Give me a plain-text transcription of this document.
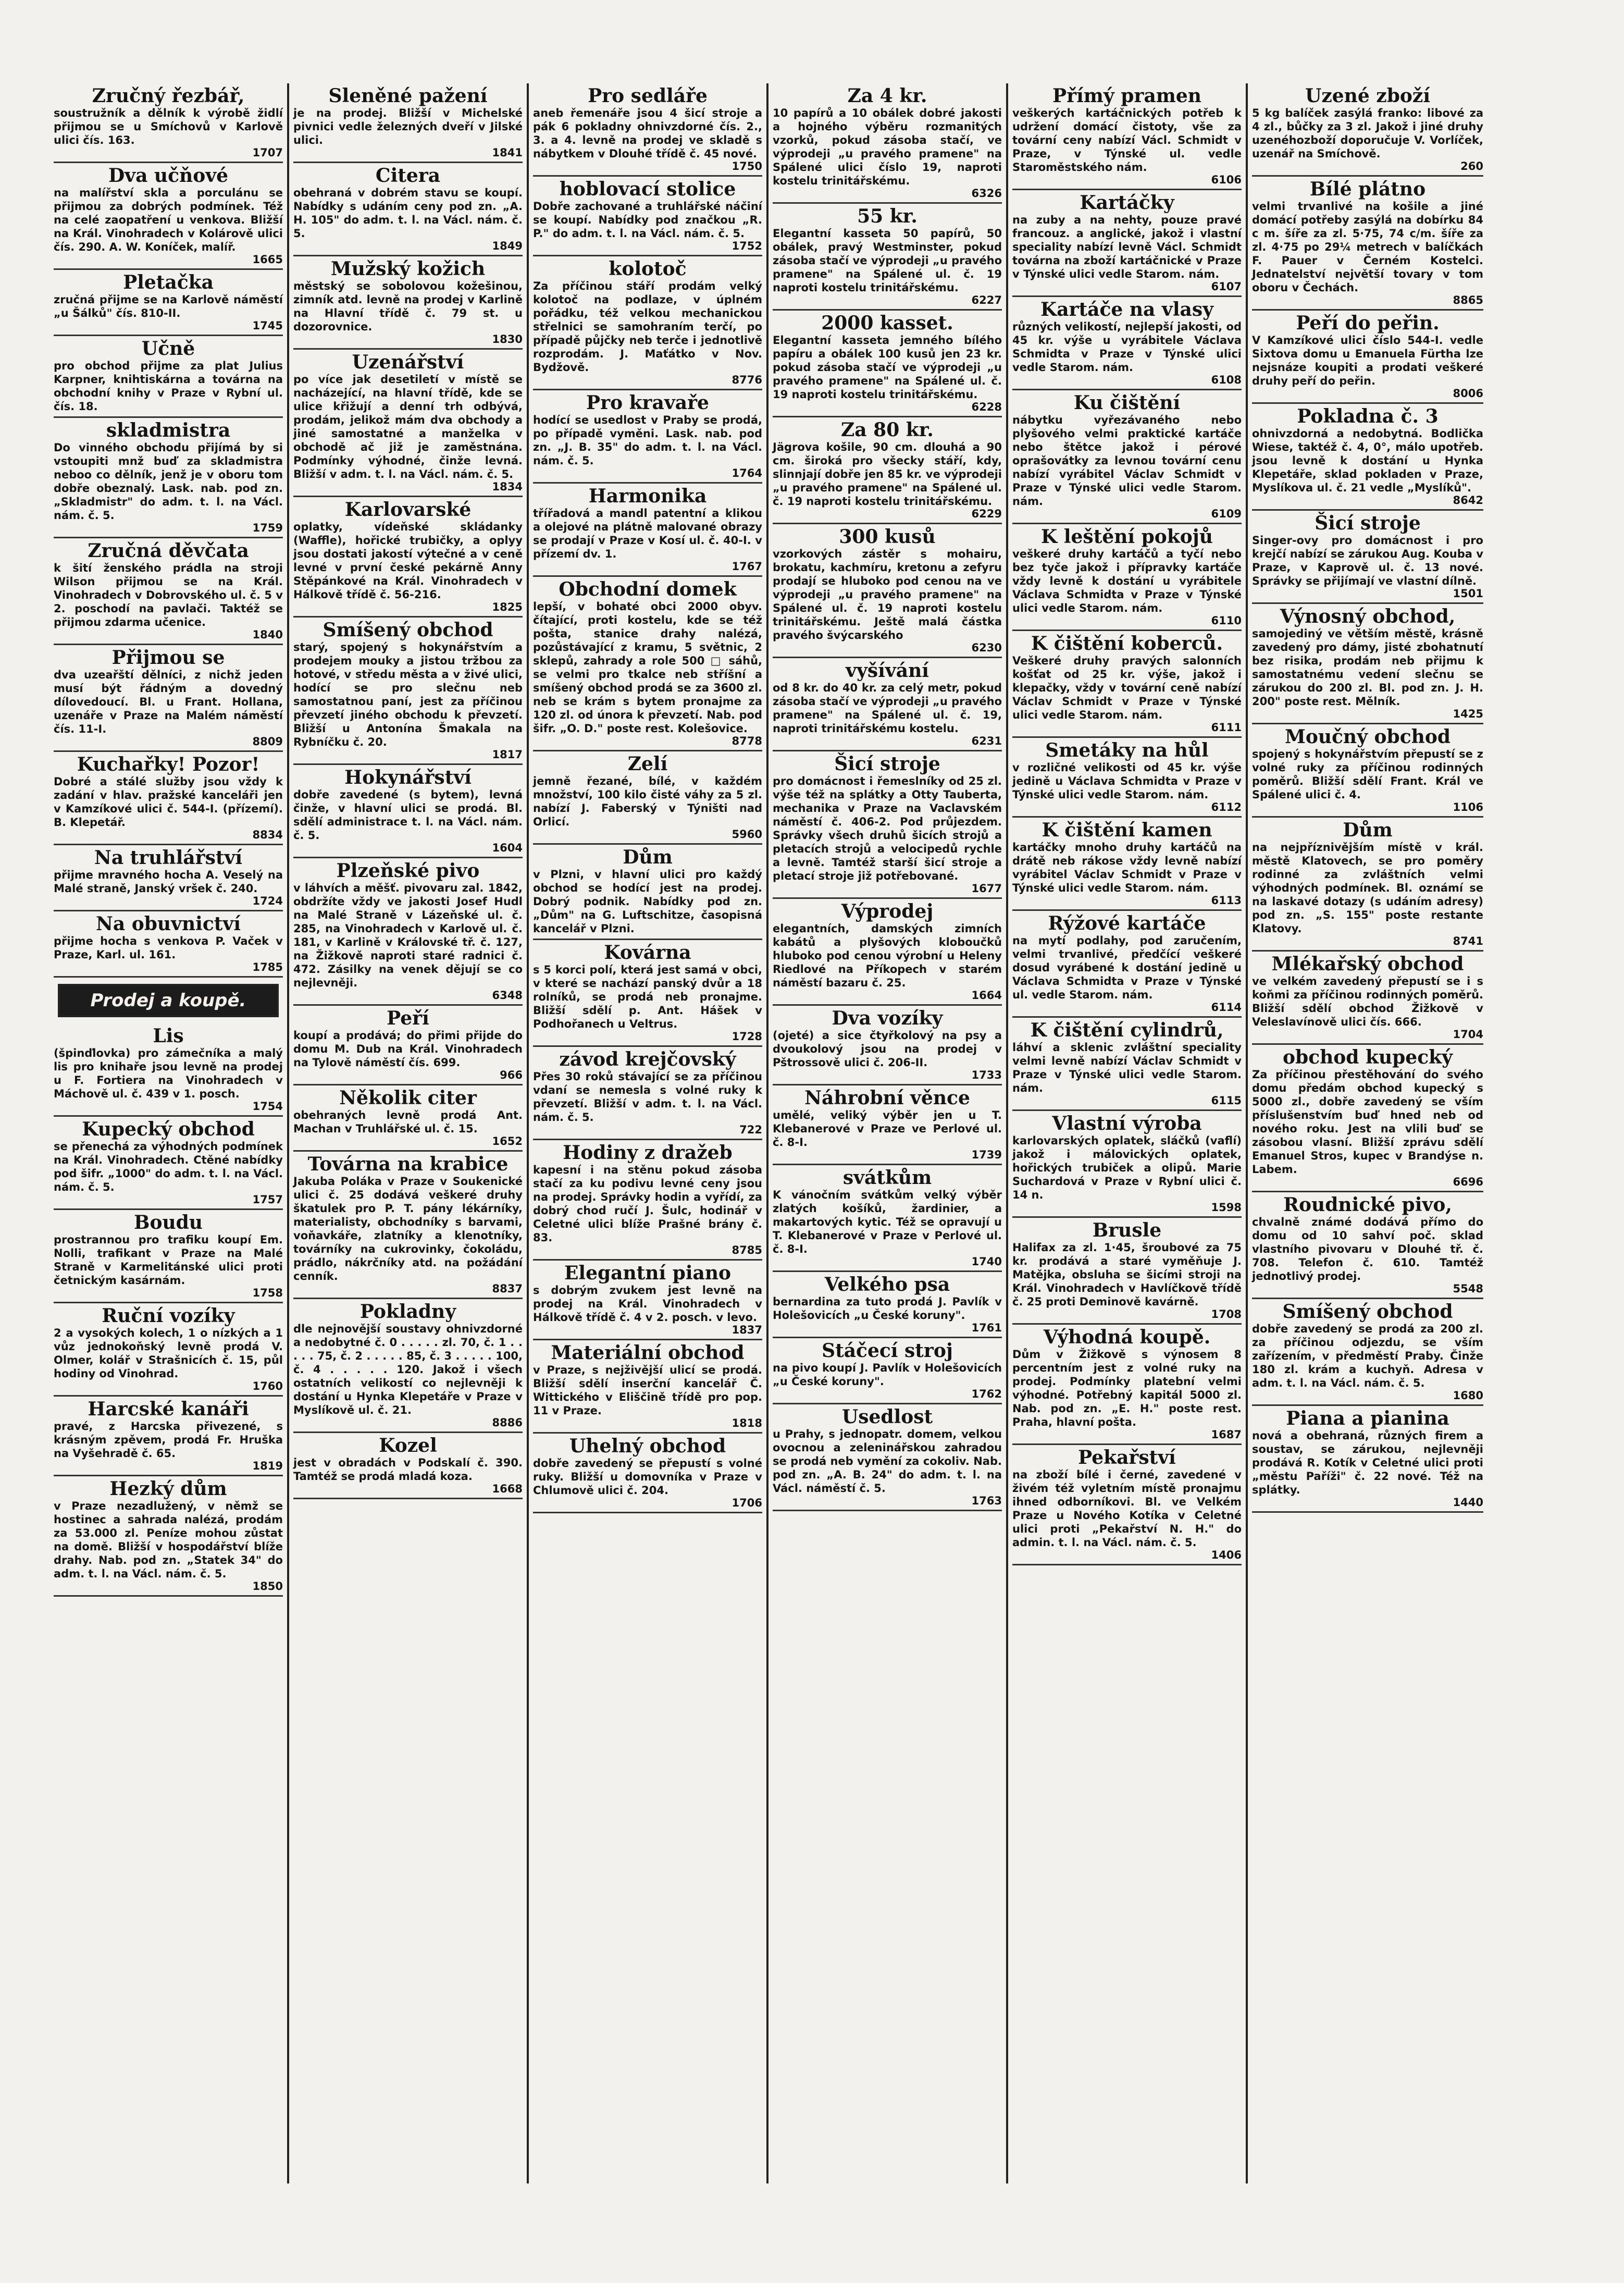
Zručný řezbář,

soustružník a dělník k výrobě židlí přijmou se u Smíchovů v Karlově ulici čís. 163.

1707
Dva učňové

na malířství skla a porculánu se přijmou za dobrých podmínek. Též na celé zaopatření u venkova. Bližší na Král. Vinohradech v Kolárově ulici čís. 290. A. W. Koníček, malíř.

1665
Pletačka

zručná přijme se na Karlově náměstí „u Šálků" čís. 810-II.

1745
Učně

pro obchod přijme za plat Julius Karpner, knihtiskárna a továrna na obchodní knihy v Praze v Rybní ul. čís. 18.

skladmistra

Do vinného obchodu přijímá by si vstoupiti mnž buď za skladmistra neboo co dělník, jenž je v oboru tom dobře obeznalý. Lask. nab. pod zn. „Skladmistr" do adm. t. l. na Václ. nám. č. 5.

1759
Zručná děvčata

k šití ženského prádla na stroji Wilson přijmou se na Král. Vinohradech v Dobrovského ul. č. 5 v 2. poschodí na pavlači. Taktéž se přijmou zdarma učenice.

1840
Přijmou se

dva uzeařští dělníci, z nichž jeden musí být řádným a dovedný dílovedoucí. Bl. u Frant. Hollana, uzenáře v Praze na Malém náměstí čís. 11-I.

8809
Kuchařky! Pozor!

Dobré a stálé služby jsou vždy k zadání v hlav. pražské kanceláři jen v Kamzíkové ulici č. 544-I. (přízemí). B. Klepetář.

8834
Na truhlářství

přijme mravného hocha A. Veselý na Malé straně, Janský vršek č. 240.

1724
Na obuvnictví

přijme hocha s venkova P. Vaček v Praze, Karl. ul. 161.

1785
Prodej a koupě.
Lis

(špinďlovka) pro zámečníka a malý lis pro knihaře jsou levně na prodej u F. Fortiera na Vinohradech v Máchově ul. č. 439 v 1. posch.

1754
Kupecký obchod

se přenechá za výhodných podmínek na Král. Vinohradech. Ctěné nabídky pod šifr. „1000" do adm. t. l. na Václ. nám. č. 5.

1757
Boudu

prostrannou pro trafiku koupí Em. Nolli, trafikant v Praze na Malé Straně v Karmelitánské ulici proti četnickým kasárnám.

1758
Ruční vozíky

2 a vysokých kolech, 1 o nízkých a 1 vůz jednokoňský levně prodá V. Olmer, kolář v Strašnicích č. 15, půl hodiny od Vinohrad.

1760
Harcské kanáři

pravé, z Harcska přivezené, s krásným zpěvem, prodá Fr. Hruška na Vyšehradě č. 65.

1819
Hezký dům

v Praze nezadlužený, v němž se hostinec a sahrada nalézá, prodám za 53.000 zl. Peníze mohou zůstat na domě. Bližší v hospodářství blíže drahy. Nab. pod zn. „Statek 34" do adm. t. l. na Václ. nám. č. 5.

1850
Sleněné pažení

je na prodej. Bližší v Michelské pivnici vedle železných dveří v Jilské ulici.

1841
Citera

obehraná v dobrém stavu se koupí. Nabídky s udáním ceny pod zn. „A. H. 105" do adm. t. l. na Václ. nám. č. 5.

1849
Mužský kožich

městský se sobolovou kožešinou, zimník atd. levně na prodej v Karlině na Hlavní třídě č. 79 st. u dozorovnice.

1830
Uzenářství

po více jak desetiletí v místě se nacházející, na hlavní třídě, kde se ulice křižují a denní trh odbývá, prodám, jelikož mám dva obchody a jiné samostatné a manželka v obchodě ač již je zaměstnána. Podmínky výhodné, činže levná. Bližší v adm. t. l. na Václ. nám. č. 5.

1834
Karlovarské

oplatky, vídeňské skládanky (Waffle), hořické trubičky, a oplyy jsou dostati jakostí výtečné a v ceně levné v první české pekárně Anny Stěpánkové na Král. Vinohradech v Hálkově třídě č. 56-216.

1825
Smíšený obchod

starý, spojený s hokynářstvím a prodejem mouky a jistou tržbou za hotové, v středu města a v živé ulici, hodící se pro slečnu neb samostatnou paní, jest za příčinou převzetí jiného obchodu k převzetí. Bližší u Antonína Šmakala na Rybníčku č. 20.

1817
Hokynářství

dobře zavedené (s bytem), levná činže, v hlavní ulici se prodá. Bl. sdělí administrace t. l. na Václ. nám. č. 5.

1604
Plzeňské pivo

v láhvích a měšť. pivovaru zal. 1842, obdržíte vždy ve jakosti Josef Hudl na Malé Straně v Lázeňské ul. č. 285, na Vinohradech v Karlově ul. č. 181, v Karlině v Královské tř. č. 127, na Žižkově naproti staré radnici č. 472. Zásilky na venek dějují se co nejlevněji.

6348
Peří

koupí a prodává; do přimi přijde do domu M. Dub na Král. Vinohradech na Tylově náměstí čís. 699.

966
Několik citer

obehraných levně prodá Ant. Machan v Truhlářské ul. č. 15.

1652
Továrna na krabice

Jakuba Poláka v Praze v Soukenické ulici č. 25 dodává veškeré druhy škatulek pro P. T. pány lékárníky, materialisty, obchodníky s barvami, voňavkáře, zlatníky a klenotníky, továrníky na cukrovinky, čokoládu, prádlo, nákrčníky atd. na požádání cenník.

8837
Pokladny

dle nejnovější soustavy ohnivzdorné a nedobytné č. 0 . . . . . zl. 70, č. 1 . . . . . 75, č. 2 . . . . . 85, č. 3 . . . . . 100, č. 4 . . . . . 120. Jakož i všech ostatních velikostí co nejlevněji k dostání u Hynka Klepetáře v Praze v Myslíkově ul. č. 21.

8886
Kozel

jest v obradách v Podskalí č. 390. Tamtéž se prodá mladá koza.

1668
Pro sedláře

aneb řemenáře jsou 4 šicí stroje a pák 6 pokladny ohnivzdorné čís. 2., 3. a 4. levně na prodej ve skladě s nábytkem v Dlouhé třídě č. 45 nové.

1750
hoblovací stolice

Dobře zachované a truhlářské náčiní se koupí. Nabídky pod značkou „R. P." do adm. t. l. na Václ. nám. č. 5.

1752
kolotoč

Za příčinou stáří prodám velký kolotoč na podlaze, v úplném pořádku, též velkou mechanickou střelnici se samohraním terčí, po případě půjčky neb terče i jednotlivě rozprodám. J. Maťátko v Nov. Bydžově.

8776
Pro kravaře

hodící se usedlost v Praby se prodá, po případě vyměni. Lask. nab. pod zn. „J. B. 35" do adm. t. l. na Václ. nám. č. 5.

1764
Harmonika

třířadová a mandl patentní a klikou a olejové na plátně malované obrazy se prodají v Praze v Kosí ul. č. 40-I. v přízemí dv. 1.

1767
Obchodní domek

lepší, v bohaté obci 2000 obyv. čítající, proti kostelu, kde se též pošta, stanice drahy nalézá, pozůstávající z kramu, 5 světnic, 2 sklepů, zahrady a role 500 □ sáhů, se velmi pro tkalce neb stříšní a smíšený obchod prodá se za 3600 zl. neb se krám s bytem pronajme za 120 zl. od února k převzetí. Nab. pod šifr. „O. D." poste rest. Kolešovice.

8778
Zelí

jemně řezané, bílé, v každém množství, 100 kilo čisté váhy za 5 zl. nabízí J. Faberský v Týništi nad Orlicí.

5960
Dům

v Plzni, v hlavní ulici pro každý obchod se hodící jest na prodej. Dobrý podnik. Nabídky pod zn. „Dům" na G. Luftschitze, časopisná kancelář v Plzni.

Kovárna

s 5 korci polí, která jest samá v obci, v které se nachází panský dvůr a 18 rolníků, se prodá neb pronajme. Bližší sdělí p. Ant. Hášek v Podhořanech u Veltrus.

1728
závod krejčovský

Přes 30 roků stávající se za příčinou vdaní se nemesla s volné ruky k převzetí. Bližší v adm. t. l. na Václ. nám. č. 5.

722
Hodiny z dražeb

kapesní i na stěnu pokud zásoba stačí za ku podivu levné ceny jsou na prodej. Správky hodin a vyřídí, za dobrý chod ručí J. Šulc, hodinář v Celetné ulici blíže Prašné brány č. 83.

8785
Elegantní piano

s dobrým zvukem jest levně na prodej na Král. Vinohradech v Hálkově třídě č. 4 v 2. posch. v levo.

1837
Materiální obchod

v Praze, s nejživější ulicí se prodá. Bližší sdělí inserční kancelář Č. Wittického v Eliščině třídě pro pop. 11 v Praze.

1818
Uhelný obchod

dobře zavedený se přepustí s volné ruky. Bližší u domovníka v Praze v Chlumově ulici č. 204.

1706
Za 4 kr.

10 papírů a 10 obálek dobré jakosti a hojného výběru rozmanitých vzorků, pokud zásoba stačí, ve výprodeji „u pravého pramene" na Spálené ulici číslo 19, naproti kostelu trinitářskému.

6326
55 kr.

Elegantní kasseta 50 papírů, 50 obálek, pravý Westminster, pokud zásoba stačí ve výprodeji „u pravého pramene" na Spálené ul. č. 19 naproti kostelu trinitářskému.

6227
2000 kasset.

Elegantní kasseta jemného bílého papíru a obálek 100 kusů jen 23 kr. pokud zásoba stačí ve výprodeji „u pravého pramene" na Spálené ul. č. 19 naproti kostelu trinitářskému.

6228
Za 80 kr.

Jägrova košile, 90 cm. dlouhá a 90 cm. široká pro všecky stáří, kdy, slinnjají dobře jen 85 kr. ve výprodeji „u pravého pramene" na Spálené ul. č. 19 naproti kostelu trinitářskému.

6229
300 kusů

vzorkových zástěr s mohairu, brokatu, kachmíru, kretonu a zefyru prodají se hluboko pod cenou na ve výprodeji „u pravého pramene" na Spálené ul. č. 19 naproti kostelu trinitářskému. Ještě malá částka pravého švýcarského

6230
vyšívání

od 8 kr. do 40 kr. za celý metr, pokud zásoba stačí ve výprodeji „u pravého pramene" na Spálené ul. č. 19, naproti trinitářskému kostelu.

6231
Šicí stroje

pro domácnost i řemeslníky od 25 zl. výše též na splátky a Otty Tauberta, mechanika v Praze na Vaclavském náměstí č. 406-2. Pod průjezdem. Správky všech druhů šicích strojů a pletacích strojů a velocipedů rychle a levně. Tamtéž starší šicí stroje a pletací stroje již potřebované.

1677
Výprodej

elegantních, damských zimních kabátů a plyšových kloboučků hluboko pod cenou výrobní u Heleny Riedlové na Příkopech v starém náměstí bazaru č. 25.

1664
Dva vozíky

(ojeté) a sice čtyřkolový na psy a dvoukolový jsou na prodej v Pštrossově ulici č. 206-II.

1733
Náhrobní věnce

umělé, veliký výběr jen u T. Klebanerové v Praze ve Perlové ul. č. 8-I.

1739
svátkům

K vánočním svátkům velký výběr zlatých košíků, žardinier, a makartových kytic. Též se opravují u T. Klebanerové v Praze v Perlové ul. č. 8-I.

1740
Velkého psa

bernardina za tuto prodá J. Pavlík v Holešovicích „u České koruny".

1761
Stáčecí stroj

na pivo koupí J. Pavlík v Holešovicích „u České koruny".

1762
Usedlost

u Prahy, s jednopatr. domem, velkou ovocnou a zeleninářskou zahradou se prodá neb vymění za cokoliv. Nab. pod zn. „A. B. 24" do adm. t. l. na Václ. náměstí č. 5.

1763
Přímý pramen

veškerých kartáčnických potřeb k udržení domácí čistoty, vše za tovární ceny nabízí Václ. Schmidt v Praze, v Týnské ul. vedle Staroměstského nám.

6106
Kartáčky

na zuby a na nehty, pouze pravé francouz. a anglické, jakož i vlastní speciality nabízí levně Václ. Schmidt továrna na zboží kartáčnické v Praze v Týnské ulici vedle Starom. nám.

6107
Kartáče na vlasy

různých velikostí, nejlepší jakosti, od 45 kr. výše u vyrábitele Václava Schmidta v Praze v Týnské ulici vedle Starom. nám.

6108
Ku čištění

nábytku vyřezávaného nebo plyšového velmi praktické kartáče nebo štětce jakož i pérové oprašovátky za levnou tovární cenu nabízí vyrábitel Václav Schmidt v Praze v Týnské ulici vedle Starom. nám.

6109
K leštění pokojů

veškeré druhy kartáčů a tyčí nebo bez tyče jakož i přípravky kartáče vždy levně k dostání u vyrábitele Václava Schmidta v Praze v Týnské ulici vedle Starom. nám.

6110
K čištění koberců.

Veškeré druhy pravých salonních košťat od 25 kr. výše, jakož i klepačky, vždy v tovární ceně nabízí Václav Schmidt v Praze v Týnské ulici vedle Starom. nám.

6111
Smetáky na hůl

v rozličné velikosti od 45 kr. výše jedině u Václava Schmidta v Praze v Týnské ulici vedle Starom. nám.

6112
K čištění kamen

kartáčky mnoho druhy kartáčů na drátě neb rákose vždy levně nabízí vyrábitel Václav Schmidt v Praze v Týnské ulici vedle Starom. nám.

6113
Rýžové kartáče

na mytí podlahy, pod zaručením, velmi trvanlivé, předčící veškeré dosud vyrábené k dostání jedině u Václava Schmidta v Praze v Týnské ul. vedle Starom. nám.

6114
K čištění cylindrů,

láhví a sklenic zvláštní speciality velmi levně nabízí Václav Schmidt v Praze v Týnské ulici vedle Starom. nám.

6115
Vlastní výroba

karlovarských oplatek, sláčků (vaflí) jakož i málovických oplatek, hořických trubiček a olipů. Marie Suchardová v Praze v Rybní ulici č. 14 n.

1598
Brusle

Halifax za zl. 1·45, šroubové za 75 kr. prodává a staré vyměňuje J. Matějka, obsluha se šicími stroji na Král. Vinohradech v Havlíčkově třídě č. 25 proti Deminově kavárně.

1708
Výhodná koupě.

Dům v Žižkově s výnosem 8 percentním jest z volné ruky na prodej. Podmínky platební velmi výhodné. Potřebný kapitál 5000 zl. Nab. pod zn. „E. H." poste rest. Praha, hlavní pošta.

1687
Pekařství

na zboží bílé i černé, zavedené v živém též vyletním místě pronajmu ihned odborníkovi. Bl. ve Velkém Praze u Nového Kotíka v Celetné ulici proti „Pekařství N. H." do admin. t. l. na Václ. nám. č. 5.

1406
Uzené zboží

5 kg balíček zasýlá franko: libové za 4 zl., bůčky za 3 zl. Jakož i jiné druhy uzenéhozboží doporučuje V. Vorlíček, uzenář na Smíchově.

260
Bílé plátno

velmi trvanlivé na košile a jiné domácí potřeby zasýlá na dobírku 84 c m. šíře za zl. 5·75, 74 c/m. šíře za zl. 4·75 po 29¼ metrech v balíčkách F. Pauer v Černém Kostelci. Jednatelství největší tovary v tom oboru v Čechách.

8865
Peří do peřin.

V Kamzíkové ulici číslo 544-I. vedle Sixtova domu u Emanuela Fürtha lze nejsnáze koupiti a prodati veškeré druhy peří do peřin.

8006
Pokladna č. 3

ohnivzdorná a nedobytná. Bodlička Wiese, taktéž č. 4, 0°, málo upotřeb. jsou levně k dostání u Hynka Klepetáře, sklad pokladen v Praze, Myslíkova ul. č. 21 vedle „Myslíků".

8642
Šicí stroje

Singer-ovy pro domácnost i pro krejčí nabízí se zárukou Aug. Kouba v Praze, v Kaprově ul. č. 13 nové. Správky se přijímají ve vlastní dílně.

1501
Výnosný obchod,

samojediný ve větším městě, krásně zavedený pro dámy, jisté zbohatnutí bez risika, prodám neb přijmu k samostatnému vedení slečnu se zárukou do 200 zl. Bl. pod zn. J. H. 200" poste rest. Mělník.

1425
Moučný obchod

spojený s hokynářstvím přepustí se z volné ruky za příčinou rodinných poměrů. Bližší sdělí Frant. Král ve Spálené ulici č. 4.

1106
Dům

na nejpříznivějším místě v král. městě Klatovech, se pro poměry rodinné za zvláštních velmi výhodných podmínek. Bl. oznámí se na laskavé dotazy (s udáním adresy) pod zn. „S. 155" poste restante Klatovy.

8741
Mlékařský obchod

ve velkém zavedený přepustí se i s koňmi za příčinou rodinných poměrů. Bližší sdělí obchod Žižkově v Veleslavínově ulici čís. 666.

1704
obchod kupecký

Za příčinou přestěhování do svého domu předám obchod kupecký s 5000 zl., dobře zavedený se vším příslušenstvím buď hned neb od nového roku. Jest na vlili buď se zásobou vlasní. Bližší zprávu sdělí Emanuel Stros, kupec v Brandýse n. Labem.

6696
Roudnické pivo,

chvalně známé dodává přímo do domu od 10 sahví poč. sklad vlastního pivovaru v Dlouhé tř. č. 708. Telefon č. 610. Tamtéž jednotlivý prodej.

5548
Smíšený obchod

dobře zavedený se prodá za 200 zl. za příčinou odjezdu, se vším zařízením, v předměstí Praby. Činže 180 zl. krám a kuchyň. Adresa v adm. t. l. na Václ. nám. č. 5.

1680
Piana a pianina

nová a obehraná, různých firem a soustav, se zárukou, nejlevněji prodává R. Kotík v Celetné ulici proti „městu Paříži" č. 22 nové. Též na splátky.

1440
